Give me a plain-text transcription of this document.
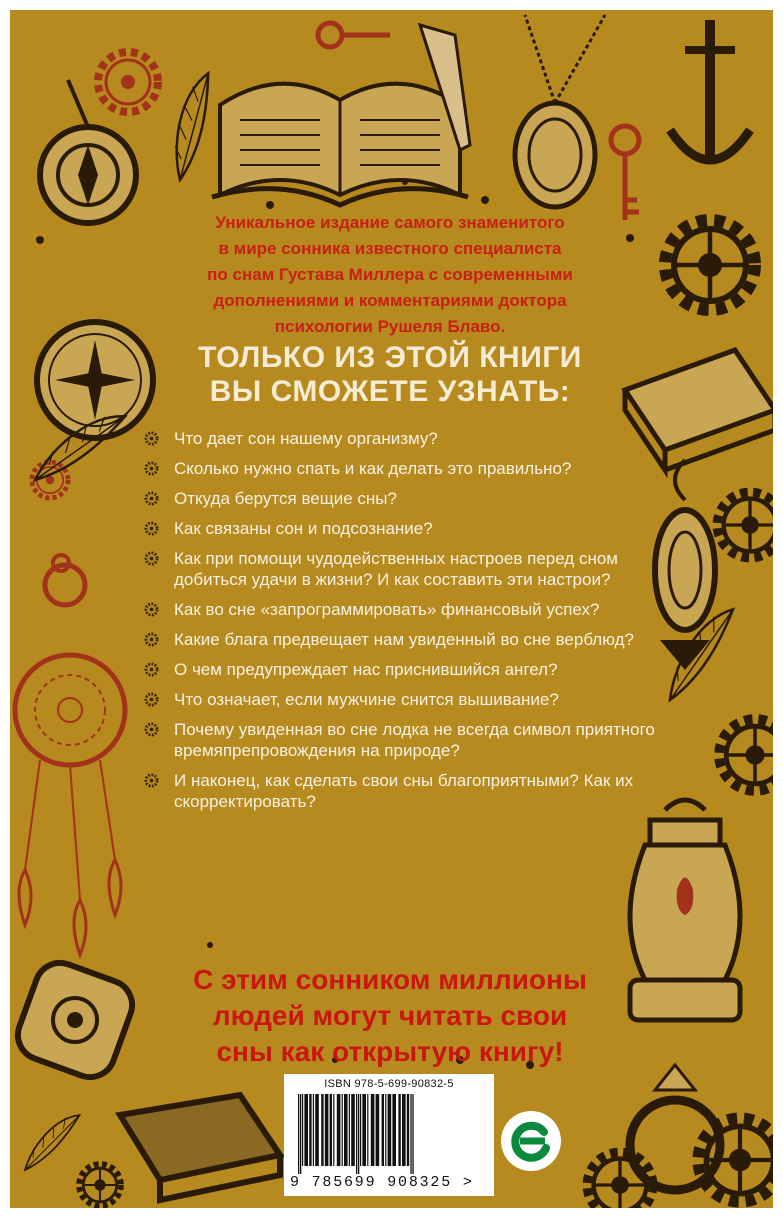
Уникальное издание самого знаменитого
в мире сонника известного специалиста
по снам Густава Миллера с современными
дополнениями и комментариями доктора
психологии Рушеля Блаво.

ТОЛЬКО ИЗ ЭТОЙ КНИГИ
ВЫ СМОЖЕТЕ УЗНАТЬ:
Что дает сон нашему организму?
Сколько нужно спать и как делать это правильно?
Откуда берутся вещие сны?
Как связаны сон и подсознание?
Как при помощи чудодейственных настроев перед сном добиться удачи в жизни? И как составить эти настрои?
Как во сне «запрограммировать» финансовый успех?
Какие блага предвещает нам увиденный во сне верблюд?
О чем предупреждает нас приснившийся ангел?
Что означает, если мужчине снится вышивание?
Почему увиденная во сне лодка не всегда символ приятного времяпрепровождения на природе?
И наконец, как сделать свои сны благоприятными? Как их скорректировать?

С этим сонником миллионы
людей могут читать свои
сны как открытую книгу!

ISBN 978-5-699-90832-5
9 785699 908325 >
